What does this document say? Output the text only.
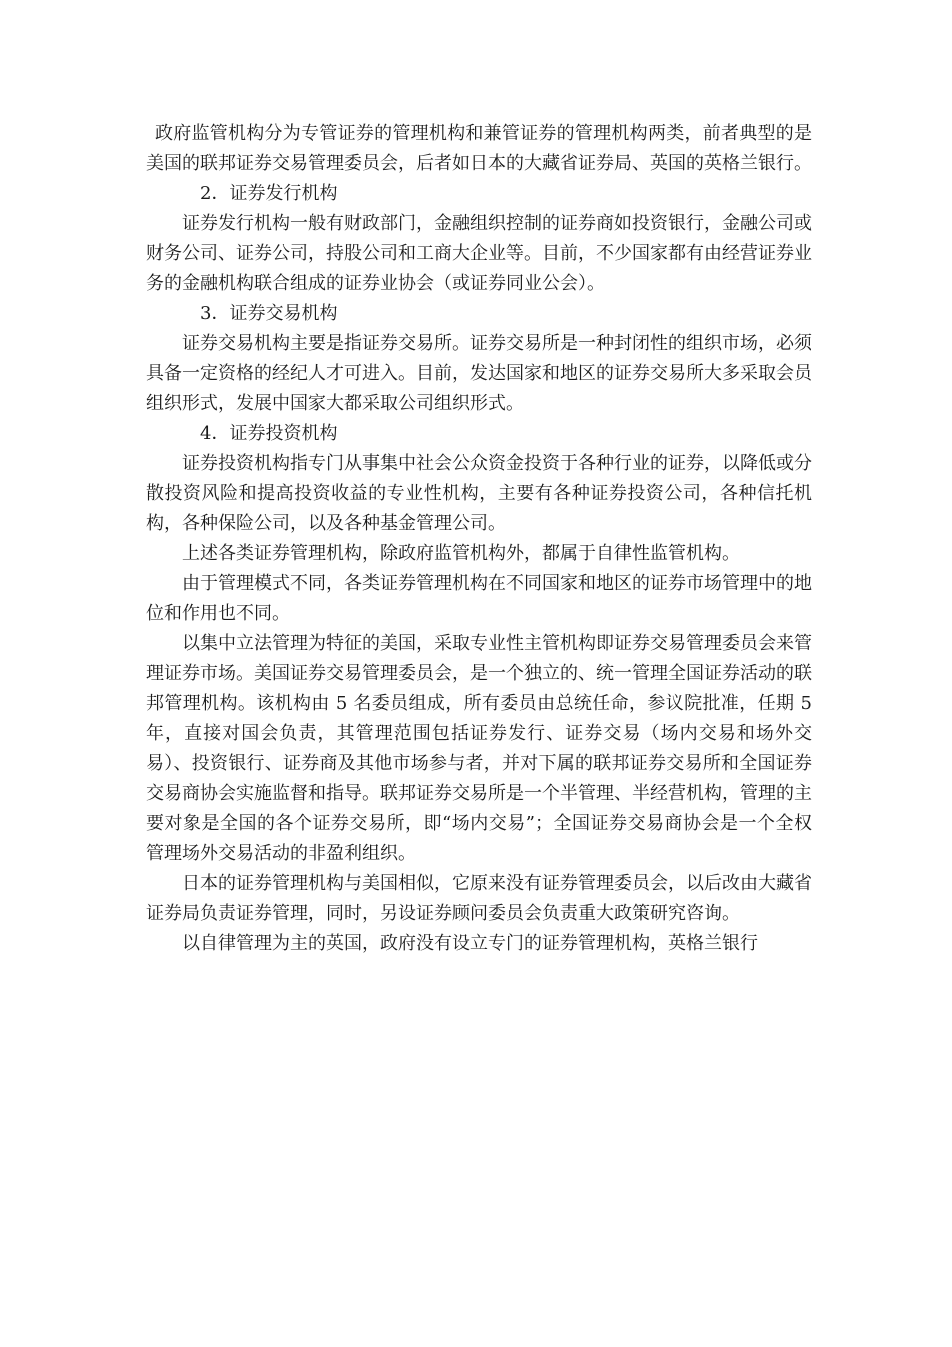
政府监管机构分为专管证券的管理机构和兼管证券的管理机构两类，前者典型的是美国的联邦证券交易管理委员会，后者如日本的大藏省证券局、英国的英格兰银行。

2．证券发行机构

证券发行机构一般有财政部门，金融组织控制的证券商如投资银行，金融公司或财务公司、证券公司，持股公司和工商大企业等。目前，不少国家都有由经营证券业务的金融机构联合组成的证券业协会（或证券同业公会）。

3．证券交易机构

证券交易机构主要是指证券交易所。证券交易所是一种封闭性的组织市场，必须具备一定资格的经纪人才可进入。目前，发达国家和地区的证券交易所大多采取会员组织形式，发展中国家大都采取公司组织形式。

4．证券投资机构

证券投资机构指专门从事集中社会公众资金投资于各种行业的证券，以降低或分散投资风险和提高投资收益的专业性机构，主要有各种证券投资公司，各种信托机构，各种保险公司，以及各种基金管理公司。

上述各类证券管理机构，除政府监管机构外，都属于自律性监管机构。

由于管理模式不同，各类证券管理机构在不同国家和地区的证券市场管理中的地位和作用也不同。

以集中立法管理为特征的美国，采取专业性主管机构即证券交易管理委员会来管理证券市场。美国证券交易管理委员会，是一个独立的、统一管理全国证券活动的联邦管理机构。该机构由 5 名委员组成，所有委员由总统任命，参议院批准，任期 5 年，直接对国会负责，其管理范围包括证券发行、证券交易（场内交易和场外交易）、投资银行、证券商及其他市场参与者，并对下属的联邦证券交易所和全国证券交易商协会实施监督和指导。联邦证券交易所是一个半管理、半经营机构，管理的主要对象是全国的各个证券交易所，即“场内交易”；全国证券交易商协会是一个全权管理场外交易活动的非盈利组织。

日本的证券管理机构与美国相似，它原来没有证券管理委员会，以后改由大藏省证券局负责证券管理，同时，另设证券顾问委员会负责重大政策研究咨询。

以自律管理为主的英国，政府没有设立专门的证券管理机构，英格兰银行
